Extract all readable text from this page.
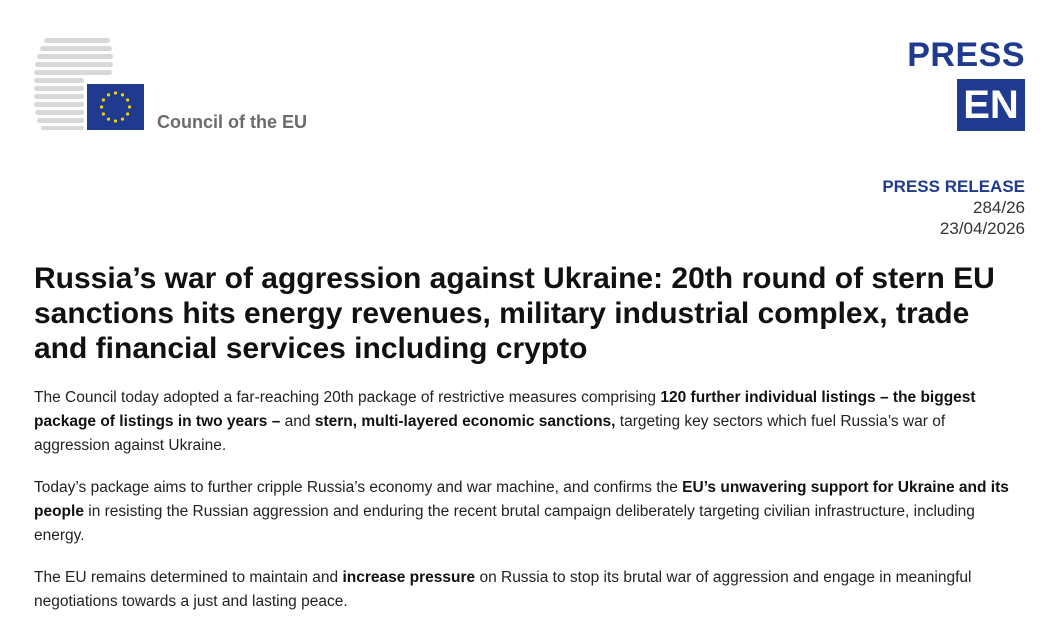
Council of the EU
PRESS
EN
PRESS RELEASE
284/26
23/04/2026
Russia’s war of aggression against Ukraine: 20th round of stern EU sanctions hits energy revenues, military industrial complex, trade and financial services including crypto

The Council today adopted a far-reaching 20th package of restrictive measures comprising 120 further individual listings – the biggest package of listings in two years – and stern, multi-layered economic sanctions, targeting key sectors which fuel Russia’s war of aggression against Ukraine.

Today’s package aims to further cripple Russia’s economy and war machine, and confirms the EU’s unwavering support for Ukraine and its people in resisting the Russian aggression and enduring the recent brutal campaign deliberately targeting civilian infrastructure, including energy.

The EU remains determined to maintain and increase pressure on Russia to stop its brutal war of aggression and engage in meaningful negotiations towards a just and lasting peace.
